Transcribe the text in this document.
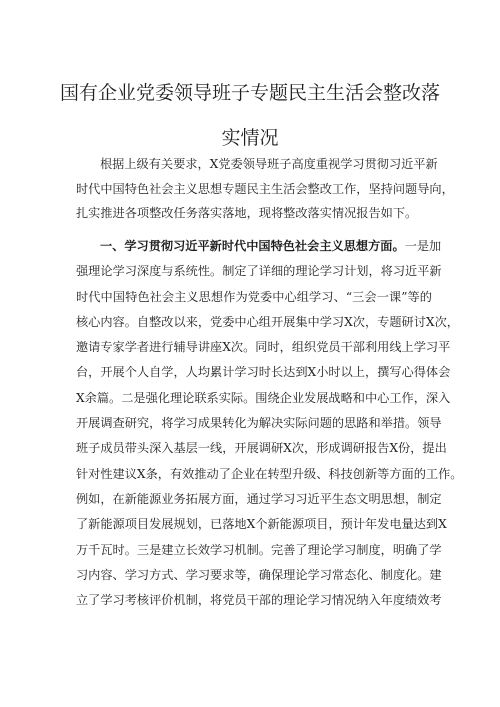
国有企业党委领导班子专题民主生活会整改落
实情况
根据上级有关要求，X党委领导班子高度重视学习贯彻习近平新
时代中国特色社会主义思想专题民主生活会整改工作，坚持问题导向，
扎实推进各项整改任务落实落地，现将整改落实情况报告如下。
一、学习贯彻习近平新时代中国特色社会主义思想方面。一是加
强理论学习深度与系统性。制定了详细的理论学习计划，将习近平新
时代中国特色社会主义思想作为党委中心组学习、“三会一课”等的
核心内容。自整改以来，党委中心组开展集中学习X次，专题研讨X次，
邀请专家学者进行辅导讲座X次。同时，组织党员干部利用线上学习平
台，开展个人自学，人均累计学习时长达到X小时以上，撰写心得体会
X余篇。二是强化理论联系实际。围绕企业发展战略和中心工作，深入
开展调查研究，将学习成果转化为解决实际问题的思路和举措。领导
班子成员带头深入基层一线，开展调研X次，形成调研报告X份，提出
针对性建议X条，有效推动了企业在转型升级、科技创新等方面的工作。
例如，在新能源业务拓展方面，通过学习习近平生态文明思想，制定
了新能源项目发展规划，已落地X个新能源项目，预计年发电量达到X
万千瓦时。三是建立长效学习机制。完善了理论学习制度，明确了学
习内容、学习方式、学习要求等，确保理论学习常态化、制度化。建
立了学习考核评价机制，将党员干部的理论学习情况纳入年度绩效考
